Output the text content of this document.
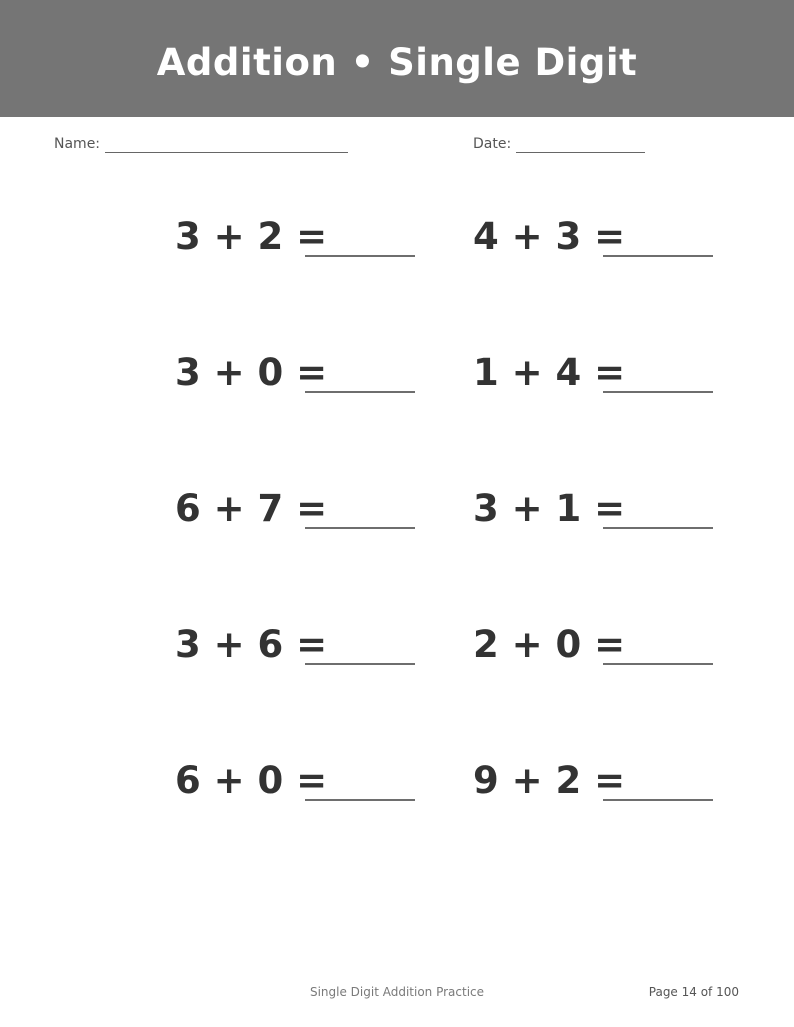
Addition • Single Digit
Name:	Date:
3 + 2 =	4 + 3 =
3 + 0 =	1 + 4 =
6 + 7 =	3 + 1 =
3 + 6 =	2 + 0 =
6 + 0 =	9 + 2 =
Single Digit Addition Practice	Page 14 of 100
